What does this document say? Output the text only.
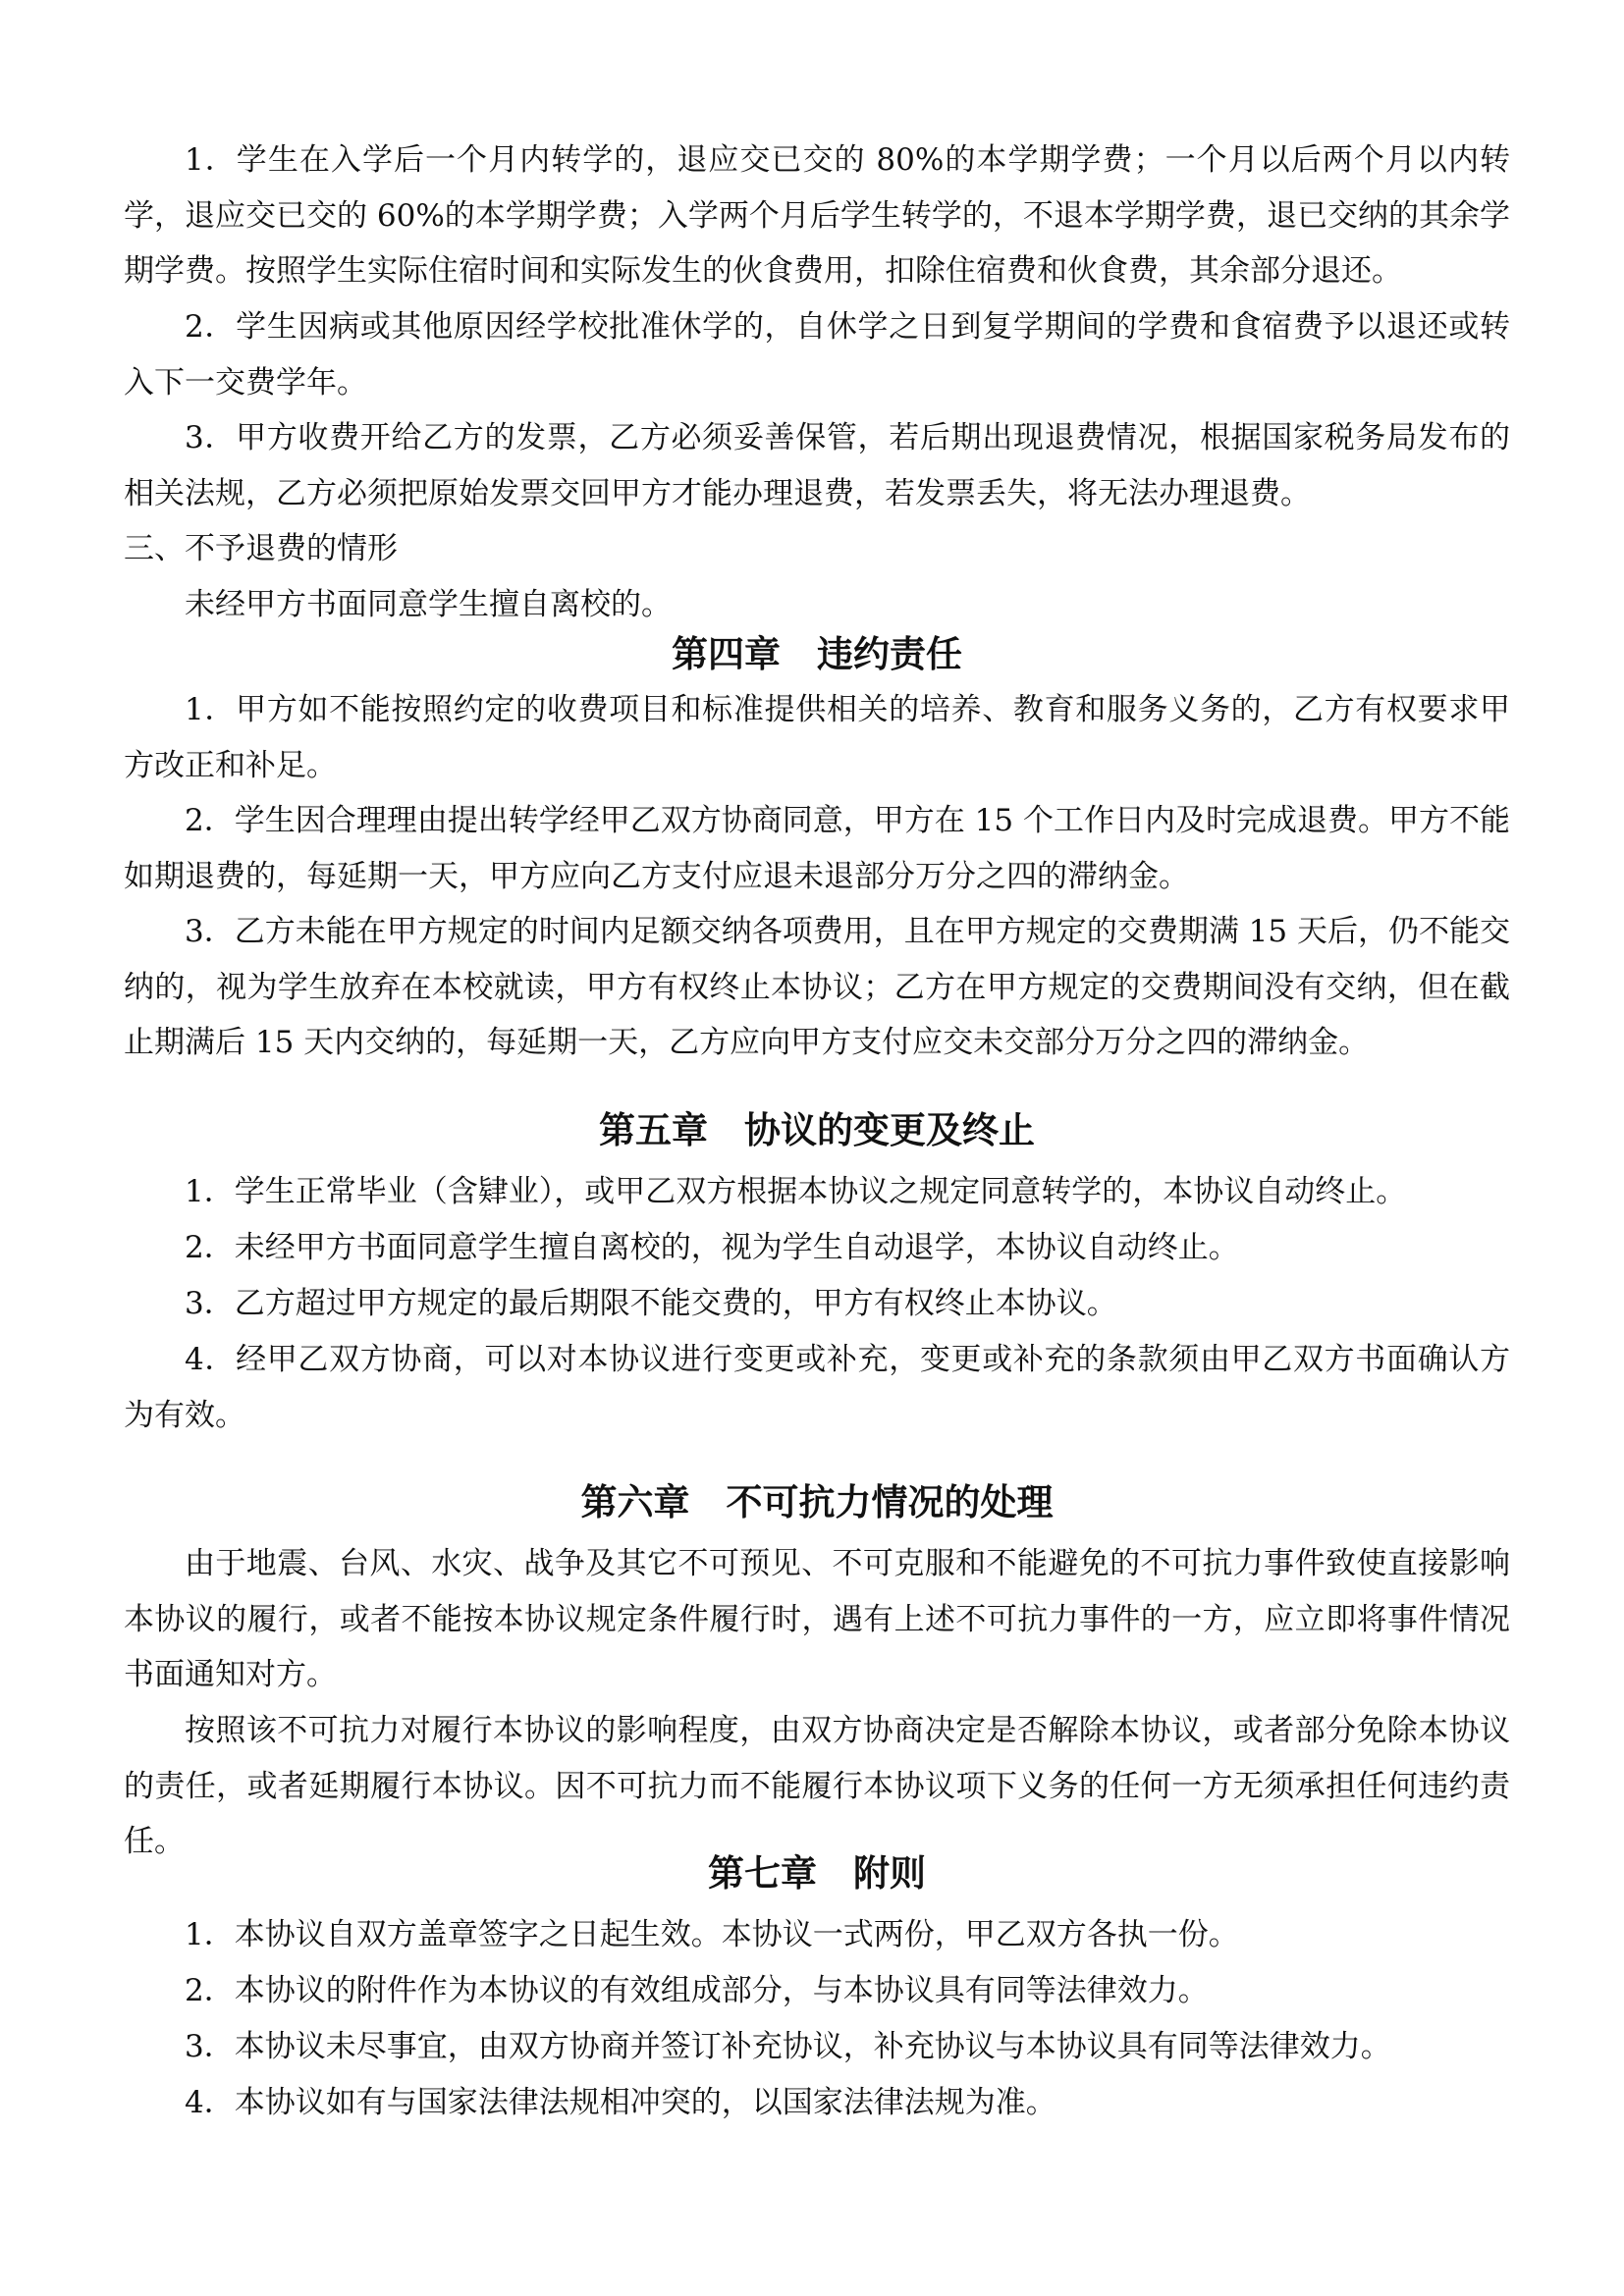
1．学生在入学后一个月内转学的，退应交已交的 80%的本学期学费；一个月以后两个月以内转学，退应交已交的 60%的本学期学费；入学两个月后学生转学的，不退本学期学费，退已交纳的其余学期学费。按照学生实际住宿时间和实际发生的伙食费用，扣除住宿费和伙食费，其余部分退还。

2．学生因病或其他原因经学校批准休学的，自休学之日到复学期间的学费和食宿费予以退还或转入下一交费学年。

3．甲方收费开给乙方的发票，乙方必须妥善保管，若后期出现退费情况，根据国家税务局发布的相关法规，乙方必须把原始发票交回甲方才能办理退费，若发票丢失，将无法办理退费。

三、不予退费的情形

未经甲方书面同意学生擅自离校的。

第四章　违约责任

1．甲方如不能按照约定的收费项目和标准提供相关的培养、教育和服务义务的，乙方有权要求甲方改正和补足。

2．学生因合理理由提出转学经甲乙双方协商同意，甲方在 15 个工作日内及时完成退费。甲方不能如期退费的，每延期一天，甲方应向乙方支付应退未退部分万分之四的滞纳金。

3．乙方未能在甲方规定的时间内足额交纳各项费用，且在甲方规定的交费期满 15 天后，仍不能交纳的，视为学生放弃在本校就读，甲方有权终止本协议；乙方在甲方规定的交费期间没有交纳，但在截止期满后 15 天内交纳的，每延期一天，乙方应向甲方支付应交未交部分万分之四的滞纳金。

第五章　协议的变更及终止

1．学生正常毕业（含肄业），或甲乙双方根据本协议之规定同意转学的，本协议自动终止。

2．未经甲方书面同意学生擅自离校的，视为学生自动退学，本协议自动终止。

3．乙方超过甲方规定的最后期限不能交费的，甲方有权终止本协议。

4．经甲乙双方协商，可以对本协议进行变更或补充，变更或补充的条款须由甲乙双方书面确认方为有效。

第六章　不可抗力情况的处理

由于地震、台风、水灾、战争及其它不可预见、不可克服和不能避免的不可抗力事件致使直接影响本协议的履行，或者不能按本协议规定条件履行时，遇有上述不可抗力事件的一方，应立即将事件情况书面通知对方。

按照该不可抗力对履行本协议的影响程度，由双方协商决定是否解除本协议，或者部分免除本协议的责任，或者延期履行本协议。因不可抗力而不能履行本协议项下义务的任何一方无须承担任何违约责任。

第七章　附则

1．本协议自双方盖章签字之日起生效。本协议一式两份，甲乙双方各执一份。

2．本协议的附件作为本协议的有效组成部分，与本协议具有同等法律效力。

3．本协议未尽事宜，由双方协商并签订补充协议，补充协议与本协议具有同等法律效力。

4．本协议如有与国家法律法规相冲突的，以国家法律法规为准。
